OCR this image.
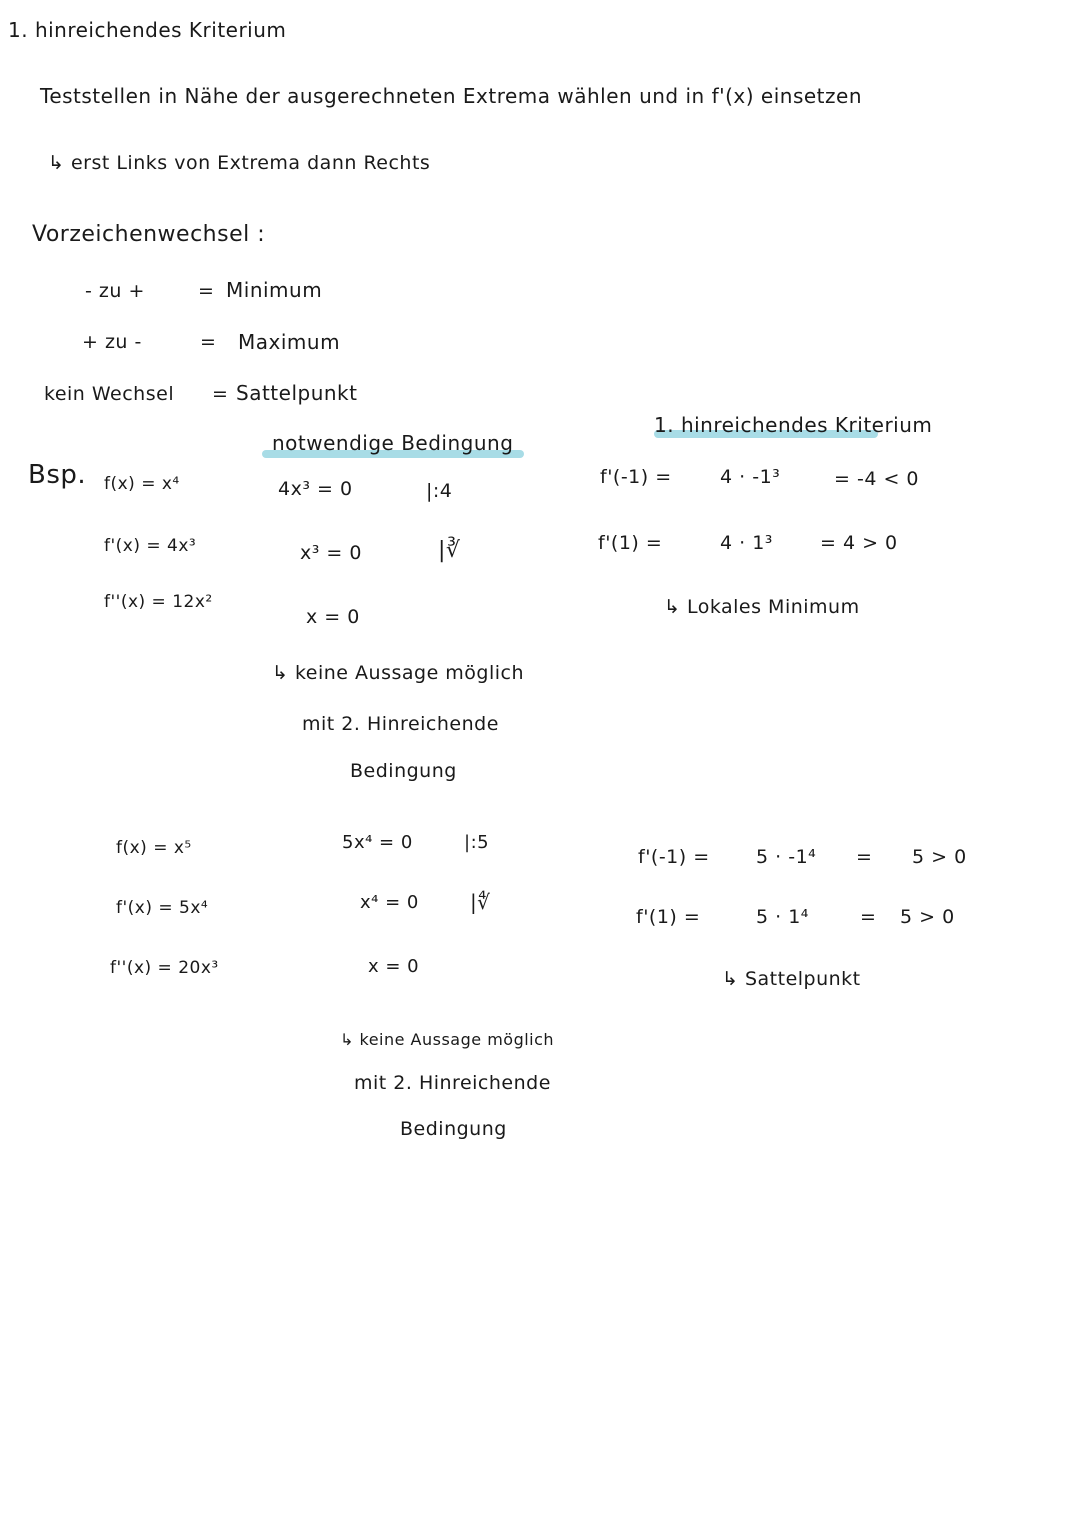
1. hinreichendes Kriterium
Teststellen in Nähe der ausgerechneten Extrema wählen und in f'(x) einsetzen
↳ erst Links von Extrema dann Rechts
Vorzeichenwechsel :
- zu +	= Minimum
+ zu -	= Maximum
kein Wechsel = Sattelpunkt
Bsp. f(x) = x⁴
f'(x) = 4x³
f''(x) = 12x²
notwendige Bedingung
4x³ = 0	|:4
x³ = 0	|∛
x = 0
↳ keine Aussage möglich
mit 2. Hinreichende
Bedingung
1. hinreichendes Kriterium
f'(-1) =	4 · -1³	= -4 < 0
f'(1) =	4 · 1³ = 4 > 0
↳ Lokales Minimum
f(x) = x⁵
f'(x) = 5x⁴
f''(x) = 20x³
5x⁴ = 0	|:5
x⁴ = 0	|∜
x = 0
↳ keine Aussage möglich
mit 2. Hinreichende
Bedingung
f'(-1) = 5 · -1⁴ = 5 > 0
f'(1) =	5 · 1⁴	= 5 > 0
↳ Sattelpunkt
